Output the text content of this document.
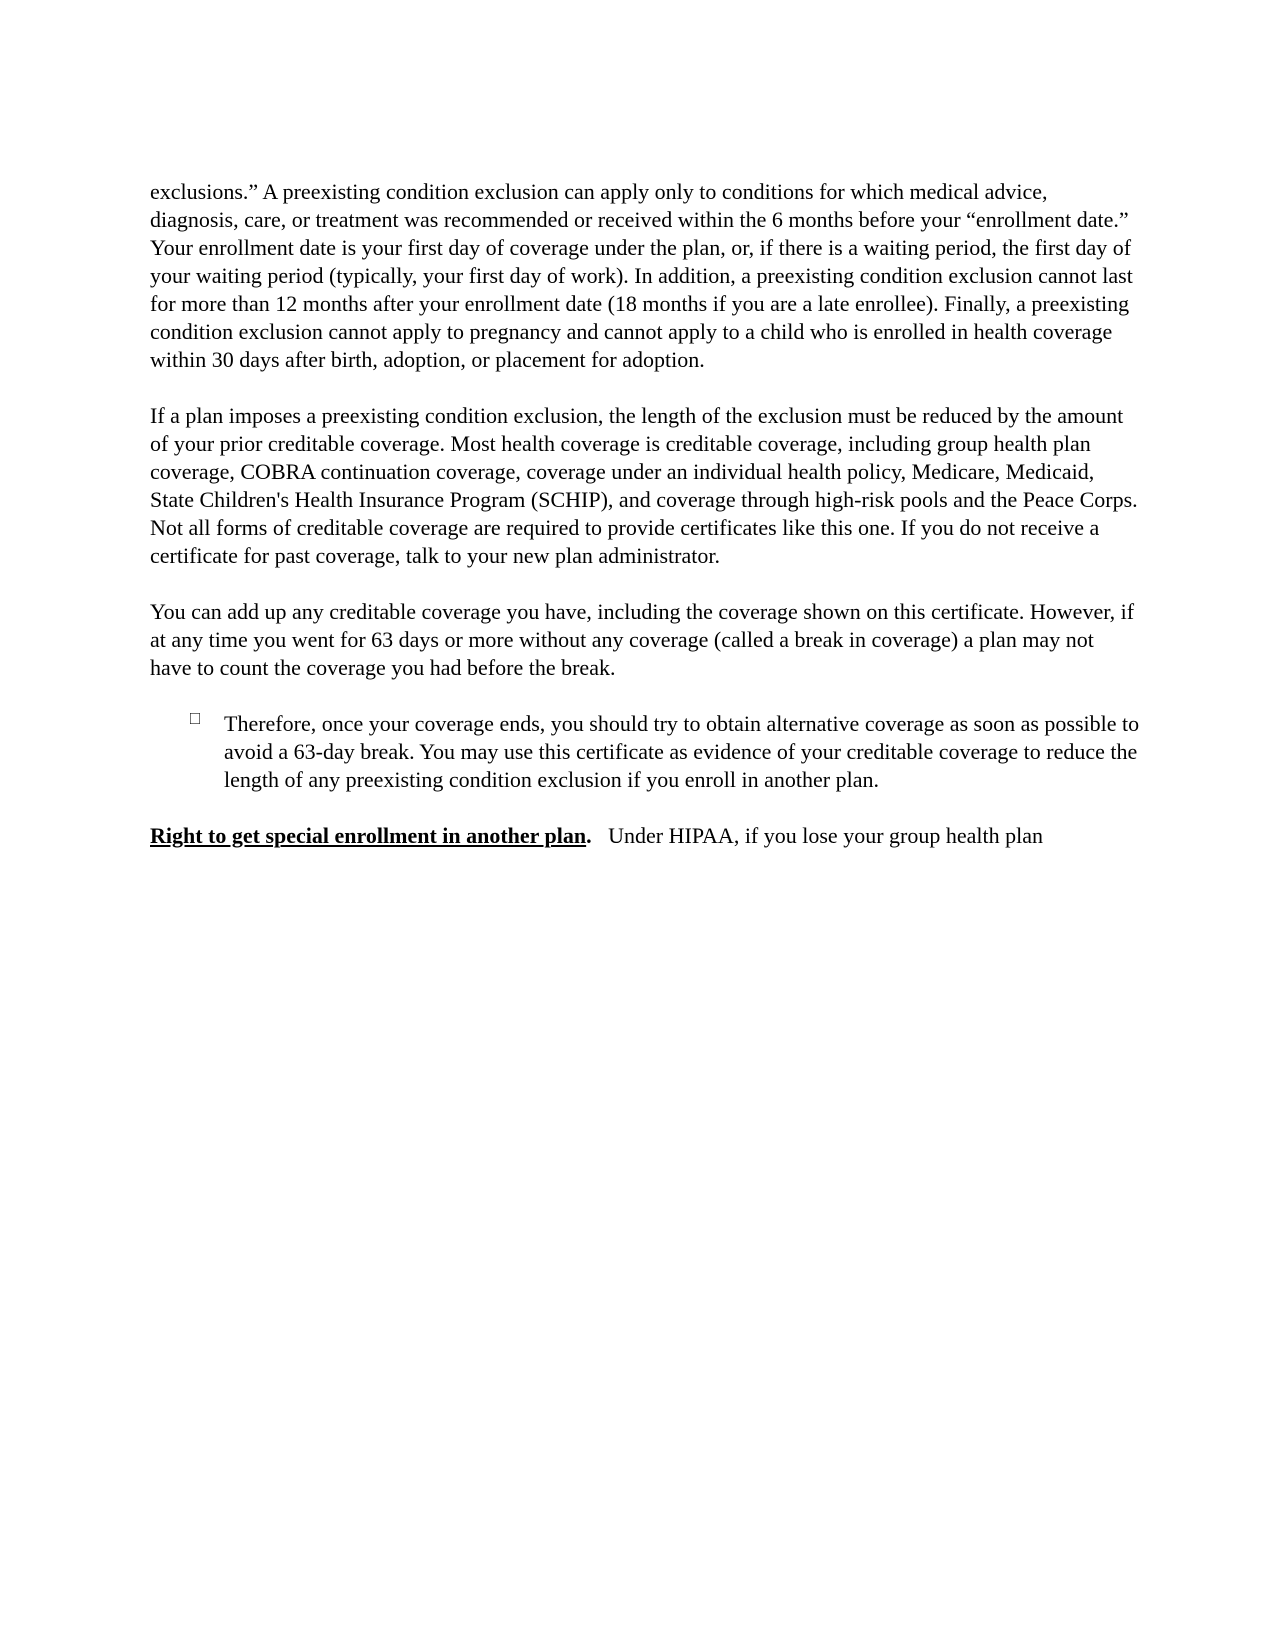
exclusions.” A preexisting condition exclusion can apply only to conditions for which medical advice, diagnosis, care, or treatment was recommended or received within the 6 months before your “enrollment date.” Your enrollment date is your first day of coverage under the plan, or, if there is a waiting period, the first day of your waiting period (typically, your first day of work). In addition, a preexisting condition exclusion cannot last for more than 12 months after your enrollment date (18 months if you are a late enrollee). Finally, a preexisting condition exclusion cannot apply to pregnancy and cannot apply to a child who is enrolled in health coverage within 30 days after birth, adoption, or placement for adoption.

If a plan imposes a preexisting condition exclusion, the length of the exclusion must be reduced by the amount of your prior creditable coverage. Most health coverage is creditable coverage, including group health plan coverage, COBRA continuation coverage, coverage under an individual health policy, Medicare, Medicaid, State Children's Health Insurance Program (SCHIP), and coverage through high-risk pools and the Peace Corps. Not all forms of creditable coverage are required to provide certificates like this one. If you do not receive a certificate for past coverage, talk to your new plan administrator.

You can add up any creditable coverage you have, including the coverage shown on this certificate. However, if at any time you went for 63 days or more without any coverage (called a break in coverage) a plan may not have to count the coverage you had before the break.

Therefore, once your coverage ends, you should try to obtain alternative coverage as soon as possible to avoid a 63-day break. You may use this certificate as evidence of your creditable coverage to reduce the length of any preexisting condition exclusion if you enroll in another plan.

Right to get special enrollment in another plan.   Under HIPAA, if you lose your group health plan
